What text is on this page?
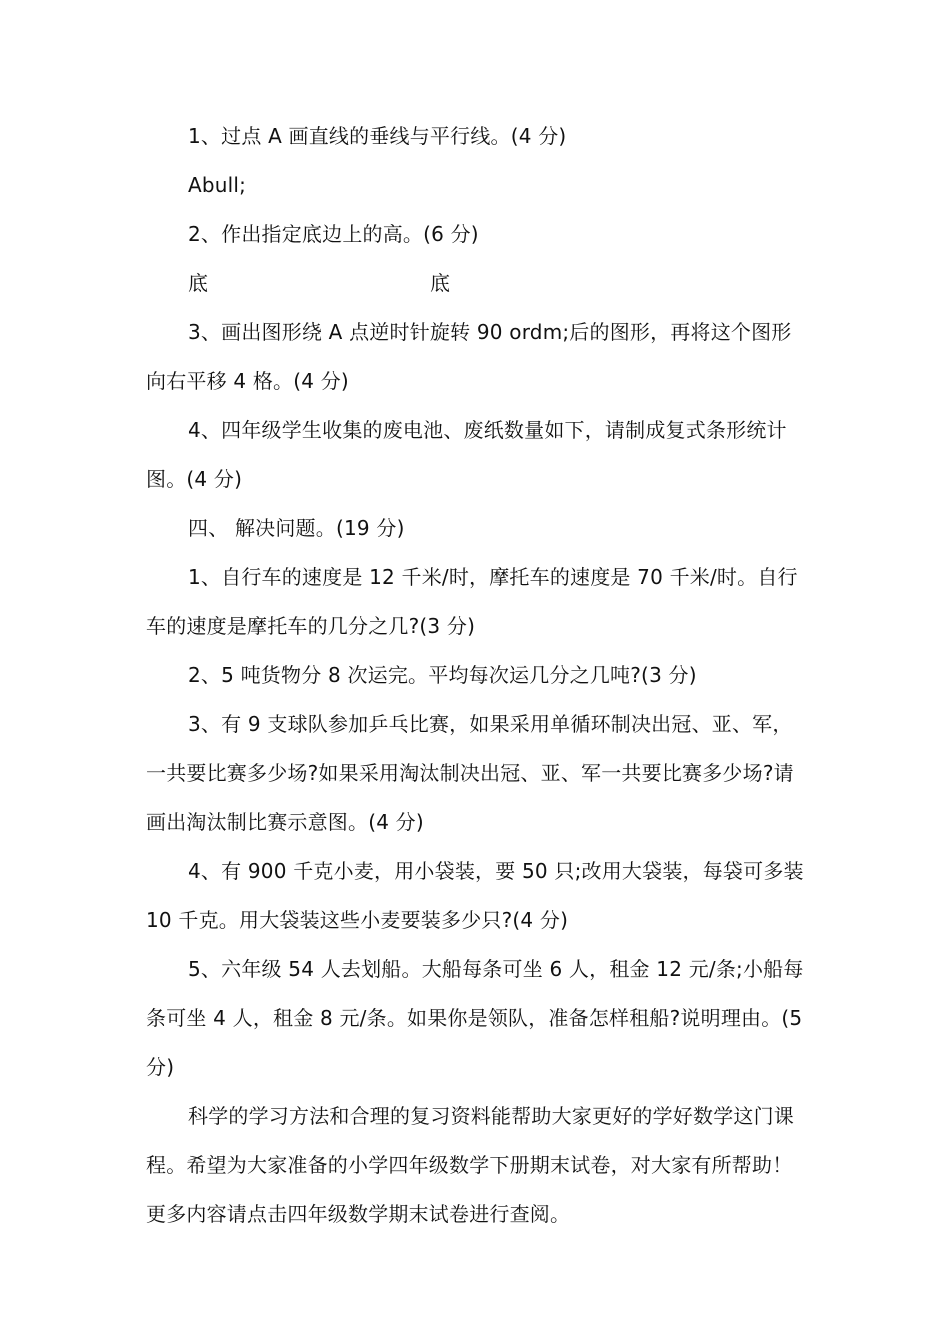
1、过点 A 画直线的垂线与平行线。(4 分)

Abull;

2、作出指定底边上的高。(6 分)

底	底

3、画出图形绕 A 点逆时针旋转 90 ordm;后的图形，再将这个图形向右平移 4 格。(4 分)

4、四年级学生收集的废电池、废纸数量如下，请制成复式条形统计图。(4 分)

四、 解决问题。(19 分)

1、自行车的速度是 12 千米/时，摩托车的速度是 70 千米/时。自行车的速度是摩托车的几分之几?(3 分)

2、5 吨货物分 8 次运完。平均每次运几分之几吨?(3 分)

3、有 9 支球队参加乒乓比赛，如果采用单循环制决出冠、亚、军，一共要比赛多少场?如果采用淘汰制决出冠、亚、军一共要比赛多少场?请画出淘汰制比赛示意图。(4 分)

4、有 900 千克小麦，用小袋装，要 50 只;改用大袋装，每袋可多装 10 千克。用大袋装这些小麦要装多少只?(4 分)

5、六年级 54 人去划船。大船每条可坐 6 人，租金 12 元/条;小船每条可坐 4 人，租金 8 元/条。如果你是领队，准备怎样租船?说明理由。(5 分)

科学的学习方法和合理的复习资料能帮助大家更好的学好数学这门课程。希望为大家准备的小学四年级数学下册期末试卷，对大家有所帮助！更多内容请点击四年级数学期末试卷进行查阅。
